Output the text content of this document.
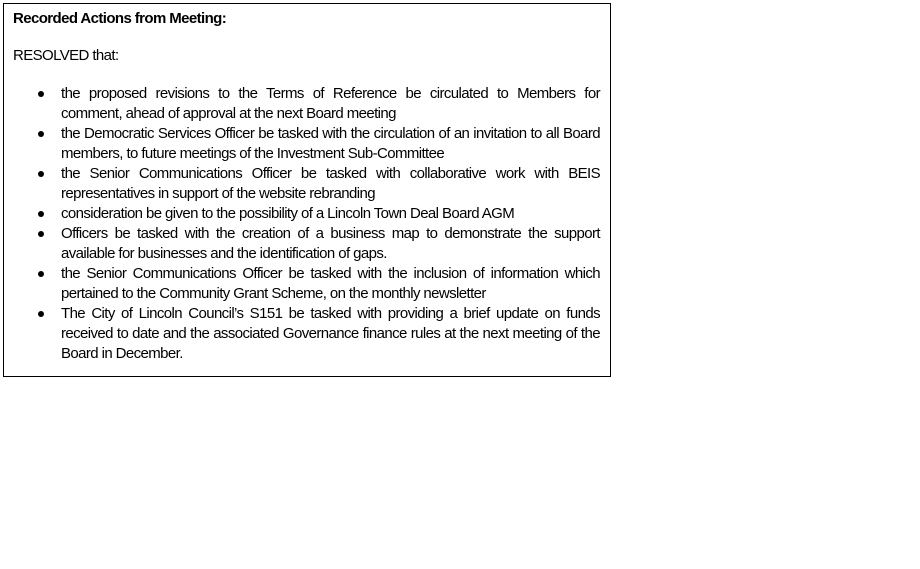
Recorded Actions from Meeting:

RESOLVED that:

the proposed revisions to the Terms of Reference be circulated to Members for comment, ahead of approval at the next Board meeting
the Democratic Services Officer be tasked with the circulation of an invitation to all Board members, to future meetings of the Investment Sub-Committee
the Senior Communications Officer be tasked with collaborative work with BEIS representatives in support of the website rebranding
consideration be given to the possibility of a Lincoln Town Deal Board AGM
Officers be tasked with the creation of a business map to demonstrate the support available for businesses and the identification of gaps.
the Senior Communications Officer be tasked with the inclusion of information which pertained to the Community Grant Scheme, on the monthly newsletter
The City of Lincoln Council’s S151 be tasked with providing a brief update on funds received to date and the associated Governance finance rules at the next meeting of the Board in December.
